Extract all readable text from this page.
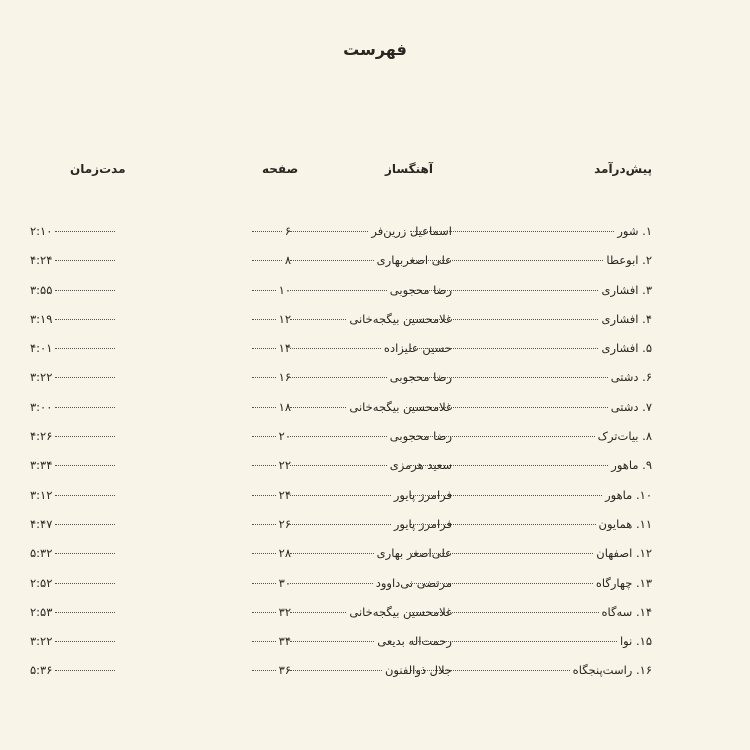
فهرست
پیش‌درآمد
آهنگساز
صفحه
مدت‌زمان
۱. شور
اسماعیل زرین‌فر
۶
۲:۱۰
۲. ابوعطا
علی اصغربهاری
۸
۴:۲۴
۳. افشاری
رضا محجوبی
۱۰
۳:۵۵
۴. افشاری
غلامحسین بیگجه‌خانی
۱۲
۳:۱۹
۵. افشاری
حسین علیزاده
۱۴
۴:۰۱
۶. دشتی
رضا محجوبی
۱۶
۳:۲۲
۷. دشتی
غلامحسین بیگجه‌خانی
۱۸
۳:۰۰
۸. بیات‌ترک
رضا محجوبی
۲۰
۴:۲۶
۹. ماهور
سعید هرمزی
۲۲
۳:۳۴
۱۰. ماهور
فرامرز پایور
۲۴
۳:۱۲
۱۱. همایون
فرامرز پایور
۲۶
۴:۴۷
۱۲. اصفهان
علی‌اصغر بهاری
۲۸
۵:۳۲
۱۳. چهارگاه
مرتضی نی‌داوود
۳۰
۲:۵۲
۱۴. سه‌گاه
غلامحسین بیگجه‌خانی
۳۲
۲:۵۳
۱۵. نوا
رحمت‌اله بدیعی
۳۴
۳:۲۲
۱۶. راست‌پنجگاه
جلال ذوالفنون
۳۶
۵:۳۶
